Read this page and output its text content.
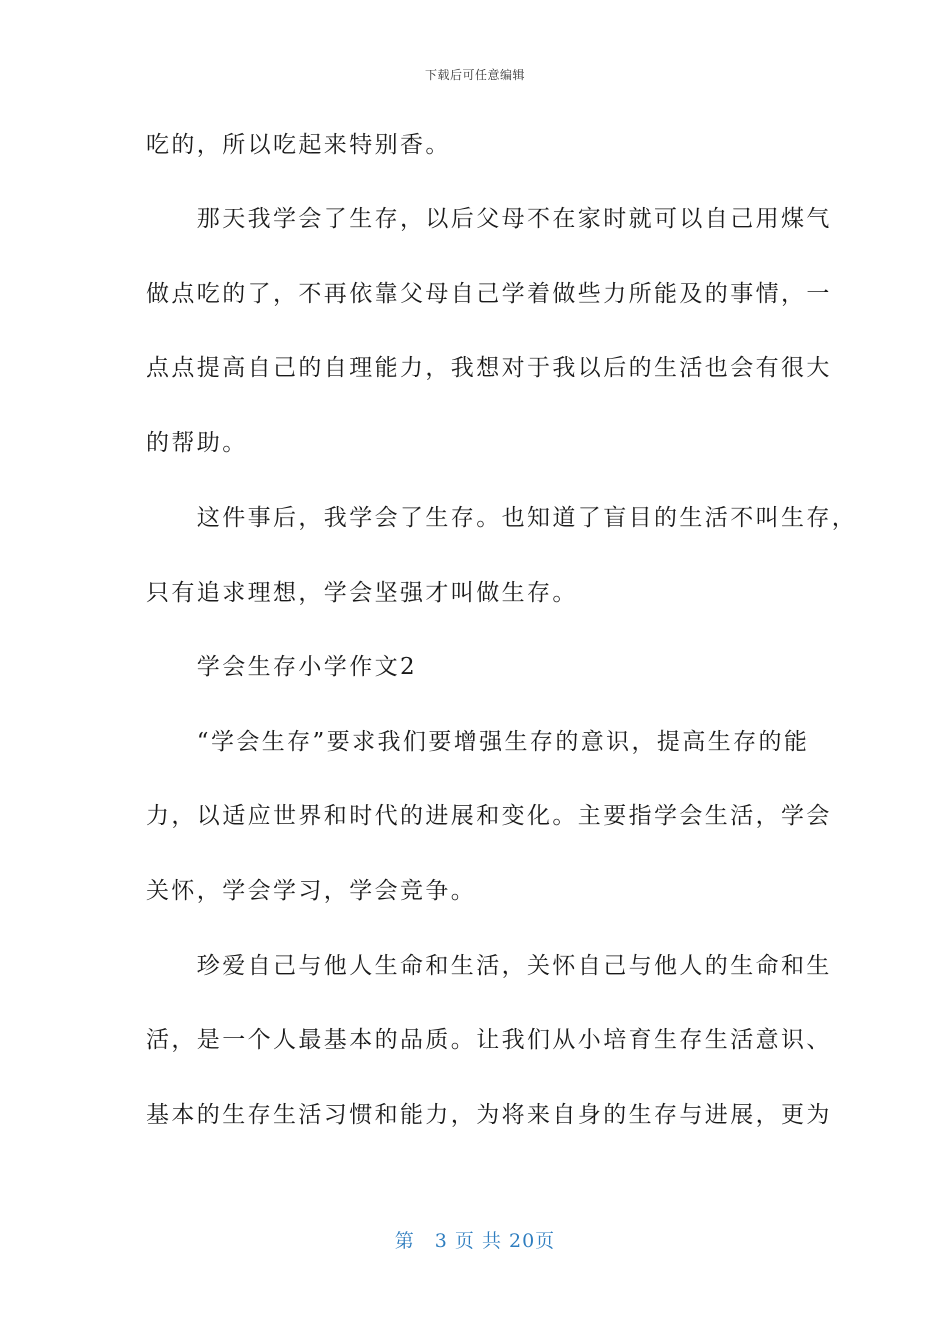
下载后可任意编辑
吃的，所以吃起来特别香。
　　那天我学会了生存，以后父母不在家时就可以自己用煤气
做点吃的了，不再依靠父母自己学着做些力所能及的事情，一
点点提高自己的自理能力，我想对于我以后的生活也会有很大
的帮助。
　　这件事后，我学会了生存。也知道了盲目的生活不叫生存，
只有追求理想，学会坚强才叫做生存。
　　学会生存小学作文2
　　“学会生存”要求我们要增强生存的意识，提高生存的能
力，以适应世界和时代的进展和变化。主要指学会生活，学会
关怀，学会学习，学会竞争。
　　珍爱自己与他人生命和生活，关怀自己与他人的生命和生
活，是一个人最基本的品质。让我们从小培育生存生活意识、
基本的生存生活习惯和能力，为将来自身的生存与进展，更为
第　3 页 共 20页
